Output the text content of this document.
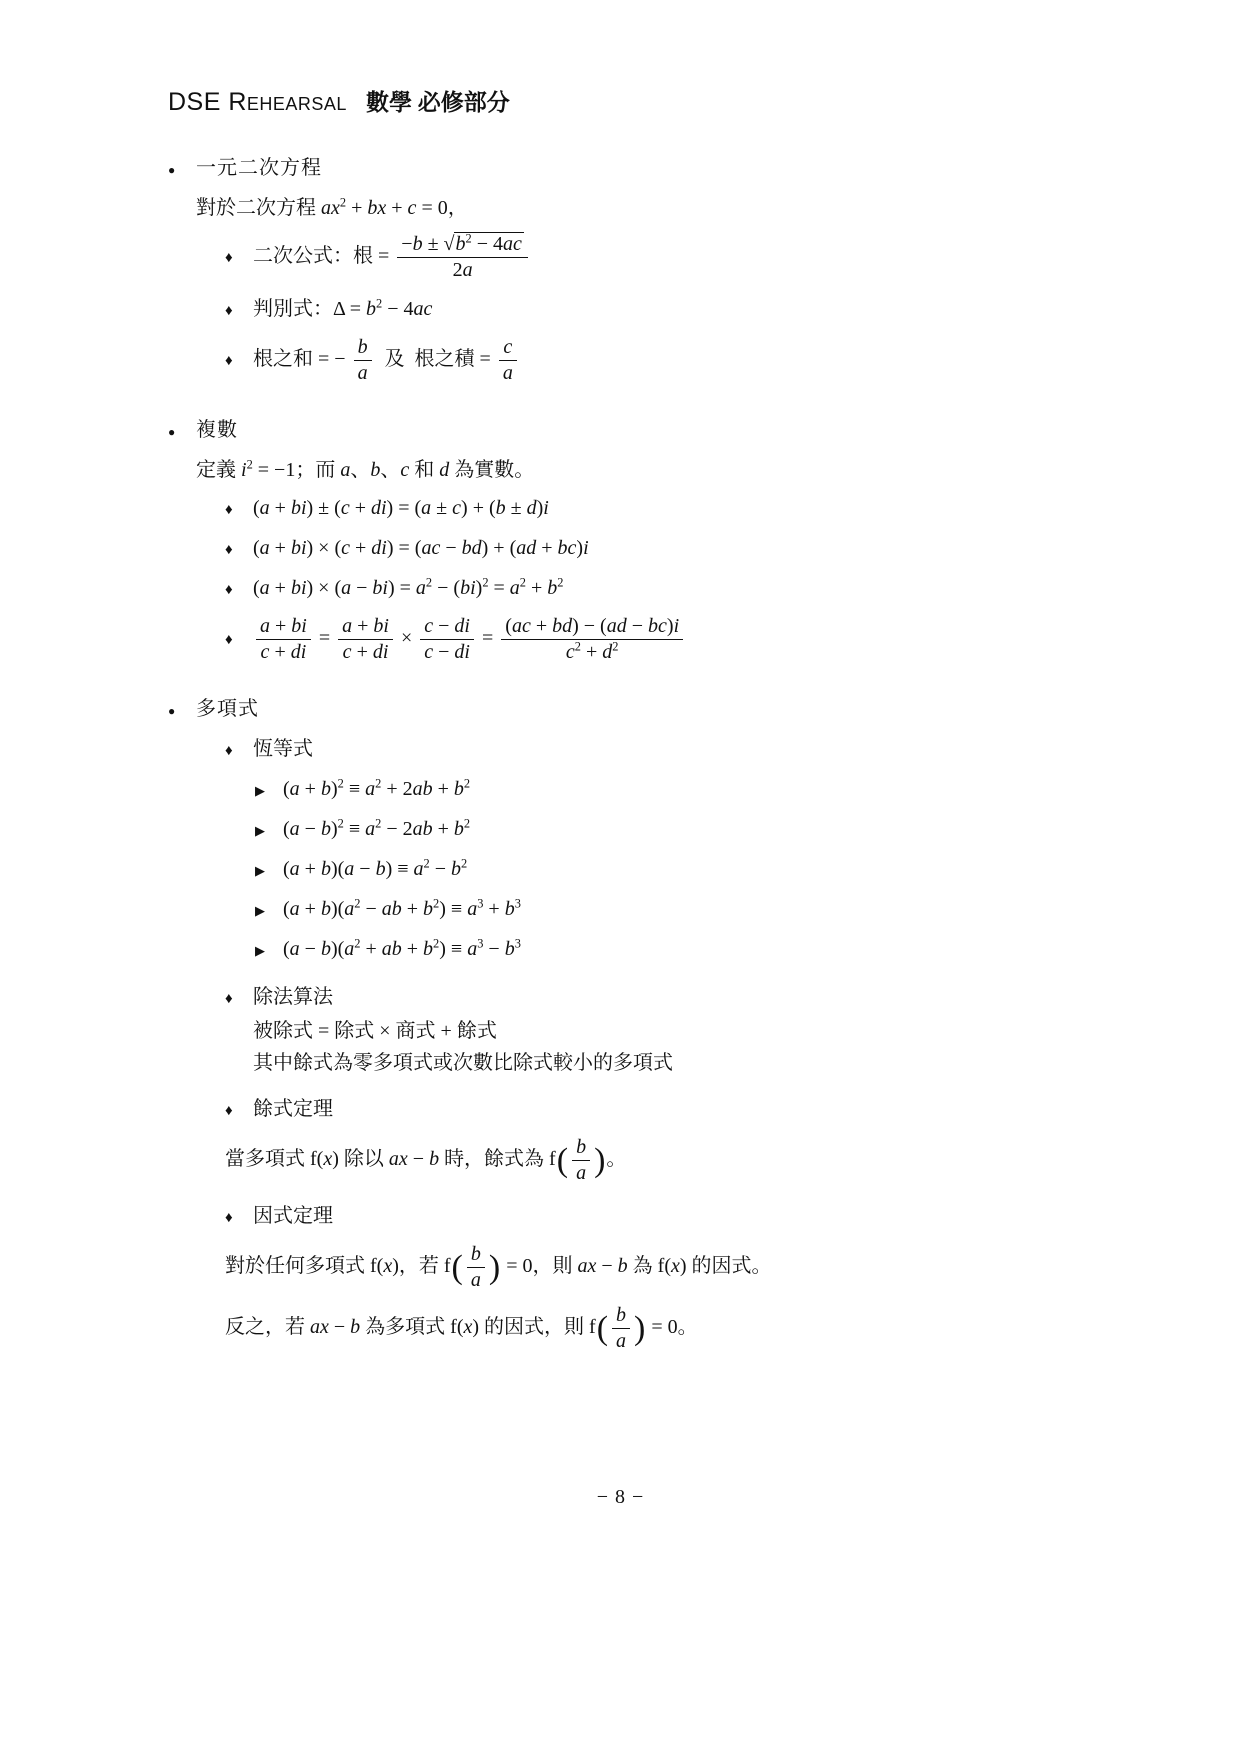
DSE Rehearsal 數學 必修部分
●	一元二次方程
對於二次方程 $ax^2$ + bx + c = 0，
♦	二次公式：根 = $\frac{-b \pm √b^2 - 4ac}{2a}$
♦	判別式：$\Delta = b^2 - 4ac$
♦	根之和 = − $\frac{b}{a}$ 及  根之積 = $\frac{c}{a}$
●	複數
定義 $i^2 = -1$；而 a、b、c 和 d 為實數。
♦	(a + bi) ± (c + di) = (a ± c) + (b ± d)i
♦	(a + bi) × (c + di) = (ac − bd) + (ad + bc)i
♦	$(a + bi) \times (a - bi) = a^2 - (bi)^2 = a^2 + b^2$
♦	$\frac{a + bi}{c + di} = \frac{a + bi}{c + di} \times \frac{c - di}{c - di} = \frac{(ac + bd) - (ad - bc)i}{c^2 + d^2}$
●	多項式
♦	恆等式
▶ $(a + b)^2 \equiv a^2 + 2ab + b^2$
▶ $(a - b)^2 \equiv a^2 - 2ab + b^2$
▶ $(a + b)(a - b) \equiv a^2 - b^2$
▶ $(a + b)(a^2$ − ab + $b^2) \equiv a^3 + b^3$
▶ $(a - b)(a^2$ + ab + $b^2) \equiv a^3 - b^3$
♦	除法算法
被除式 = 除式 × 商式 + 餘式
其中餘式為零多項式或次數比除式較小的多項式
♦	餘式定理
當多項式 f(x) 除以 ax − b 時，餘式為 $f( \frac{b}{a}$ )。
♦	因式定理
對於任何多項式 f(x)，若 $f( \frac{b}{a}$ ) = 0，則 ax − b 為 f(x) 的因式。
反之，若 ax − b 為多項式 f(x) 的因式，則 $f( \frac{b}{a}$ ) = 0。
− 8 −
